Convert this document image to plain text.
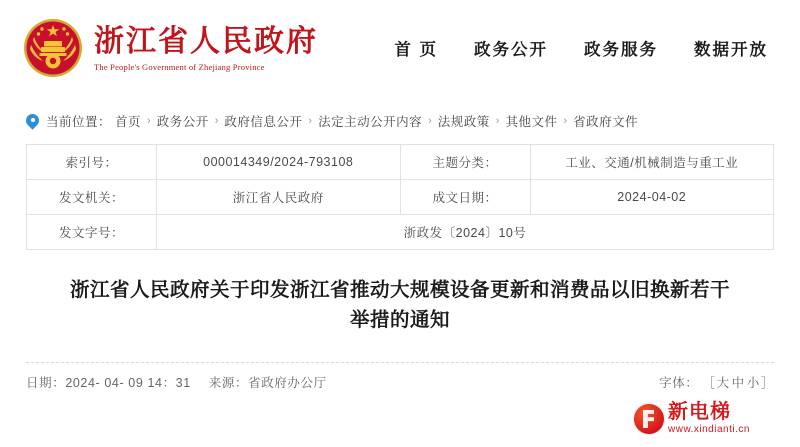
浙江省人民政府
The People's Government of Zhejiang Province
首 页 政务公开 政务服务 数据开放
当前位置： 首页 › 政务公开 › 政府信息公开 › 法定主动公开内容 › 法规政策 › 其他文件 › 省政府文件
索引号：	000014349/2024-793108	主题分类：	工业、交通/机械制造与重工业
发文机关：	浙江省人民政府	成文日期：	2024-04-02
发文字号：	浙政发〔2024〕10号		
浙江省人民政府关于印发浙江省推动大规模设备更新和消费品以旧换新若干举措的通知
日期：2024- 04- 09 14：31 来源：省政府办公厅	字体： ［大 中 小］
新电梯
www.xindianti.cn
